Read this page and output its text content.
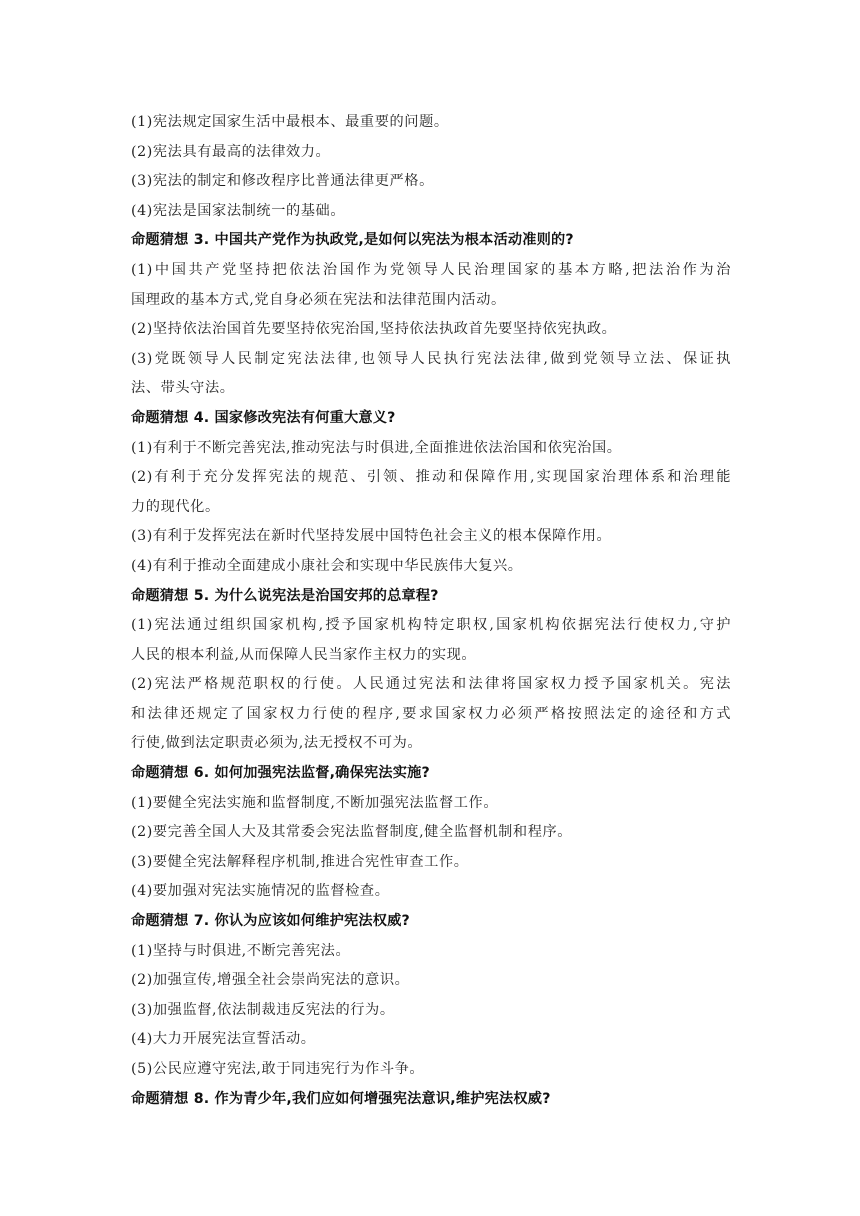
(1)宪法规定国家生活中最根本、最重要的问题。
(2)宪法具有最高的法律效力。
(3)宪法的制定和修改程序比普通法律更严格。
(4)宪法是国家法制统一的基础。
命题猜想 3. 中国共产党作为执政党,是如何以宪法为根本活动准则的?
(1)中国共产党坚持把依法治国作为党领导人民治理国家的基本方略,把法治作为治
国理政的基本方式,党自身必须在宪法和法律范围内活动。
(2)坚持依法治国首先要坚持依宪治国,坚持依法执政首先要坚持依宪执政。
(3)党既领导人民制定宪法法律,也领导人民执行宪法法律,做到党领导立法、保证执
法、带头守法。
命题猜想 4. 国家修改宪法有何重大意义?
(1)有利于不断完善宪法,推动宪法与时俱进,全面推进依法治国和依宪治国。
(2)有利于充分发挥宪法的规范、引领、推动和保障作用,实现国家治理体系和治理能
力的现代化。
(3)有利于发挥宪法在新时代坚持发展中国特色社会主义的根本保障作用。
(4)有利于推动全面建成小康社会和实现中华民族伟大复兴。
命题猜想 5. 为什么说宪法是治国安邦的总章程?
(1)宪法通过组织国家机构,授予国家机构特定职权,国家机构依据宪法行使权力,守护
人民的根本利益,从而保障人民当家作主权力的实现。
(2)宪法严格规范职权的行使。人民通过宪法和法律将国家权力授予国家机关。宪法
和法律还规定了国家权力行使的程序,要求国家权力必须严格按照法定的途径和方式
行使,做到法定职责必须为,法无授权不可为。
命题猜想 6. 如何加强宪法监督,确保宪法实施?
(1)要健全宪法实施和监督制度,不断加强宪法监督工作。
(2)要完善全国人大及其常委会宪法监督制度,健全监督机制和程序。
(3)要健全宪法解释程序机制,推进合宪性审查工作。
(4)要加强对宪法实施情况的监督检查。
命题猜想 7. 你认为应该如何维护宪法权威?
(1)坚持与时俱进,不断完善宪法。
(2)加强宣传,增强全社会崇尚宪法的意识。
(3)加强监督,依法制裁违反宪法的行为。
(4)大力开展宪法宣誓活动。
(5)公民应遵守宪法,敢于同违宪行为作斗争。
命题猜想 8. 作为青少年,我们应如何增强宪法意识,维护宪法权威?
